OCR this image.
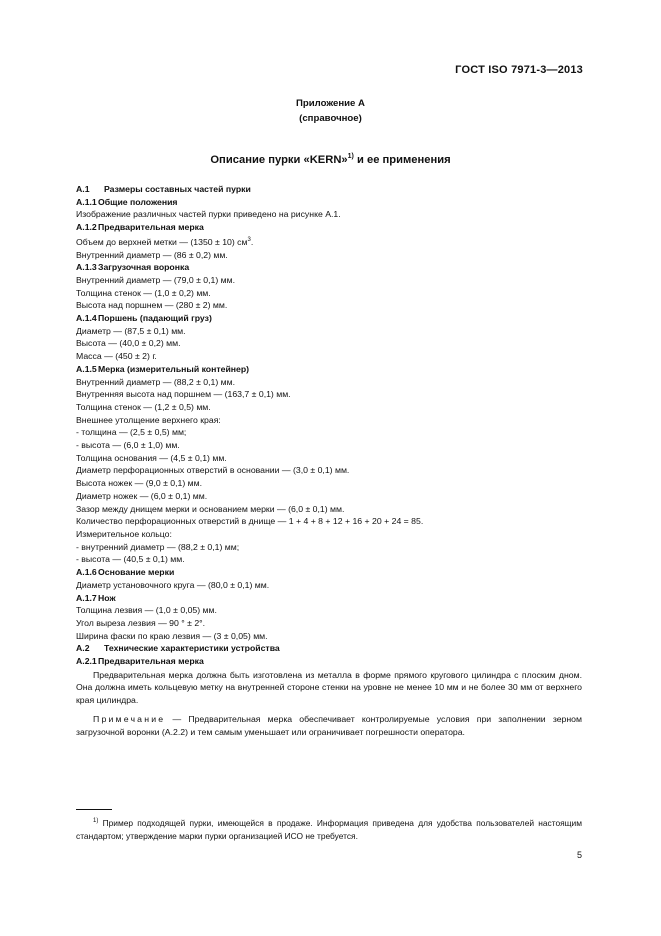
ГОСТ ISO 7971-3—2013
Приложение А
(справочное)
Описание пурки «KERN»$^{1)}$ и ее применения
А.1 Размеры составных частей пурки
А.1.1Общие положения
Изображение различных частей пурки приведено на рисунке А.1.
А.1.2Предварительная мерка
Объем до верхней метки — (1350 ± 10) $см^3$.
Внутренний диаметр — (86 ± 0,2) мм.
А.1.3Загрузочная воронка
Внутренний диаметр — (79,0 ± 0,1) мм.
Толщина стенок — (1,0 ± 0,2) мм.
Высота над поршнем — (280 ± 2) мм.
А.1.4Поршень (падающий груз)
Диаметр — (87,5 ± 0,1) мм.
Высота — (40,0 ± 0,2) мм.
Масса — (450 ± 2) г.
А.1.5Мерка (измерительный контейнер)
Внутренний диаметр — (88,2 ± 0,1) мм.
Внутренняя высота над поршнем — (163,7 ± 0,1) мм.
Толщина стенок — (1,2 ± 0,5) мм.
Внешнее утолщение верхнего края:
- толщина — (2,5 ± 0,5) мм;
- высота — (6,0 ± 1,0) мм.
Толщина основания — (4,5 ± 0,1) мм.
Диаметр перфорационных отверстий в основании — (3,0 ± 0,1) мм.
Высота ножек — (9,0 ± 0,1) мм.
Диаметр ножек — (6,0 ± 0,1) мм.
Зазор между днищем мерки и основанием мерки — (6,0 ± 0,1) мм.
Количество перфорационных отверстий в днище — 1 + 4 + 8 + 12 + 16 + 20 + 24 = 85.
Измерительное кольцо:
- внутренний диаметр — (88,2 ± 0,1) мм;
- высота — (40,5 ± 0,1) мм.
А.1.6Основание мерки
Диаметр установочного круга — (80,0 ± 0,1) мм.
А.1.7Нож
Толщина лезвия — (1,0 ± 0,05) мм.
Угол выреза лезвия — 90 ° ± 2°.
Ширина фаски по краю лезвия — (3 ± 0,05) мм.
А.2 Технические характеристики устройства
А.2.1Предварительная мерка
Предварительная мерка должна быть изготовлена из металла в форме прямого кругового цилиндра с плоским дном. Она должна иметь кольцевую метку на внутренней стороне стенки на уровне не менее 10 мм и не более 30 мм от верхнего края цилиндра.
Примечание — Предварительная мерка обеспечивает контролируемые условия при заполнении зерном загрузочной воронки (А.2.2) и тем самым уменьшает или ограничивает погрешности оператора.
$^{1)}$ Пример подходящей пурки, имеющейся в продаже. Информация приведена для удобства пользователей настоящим стандартом; утверждение марки пурки организацией ИСО не требуется.
5
